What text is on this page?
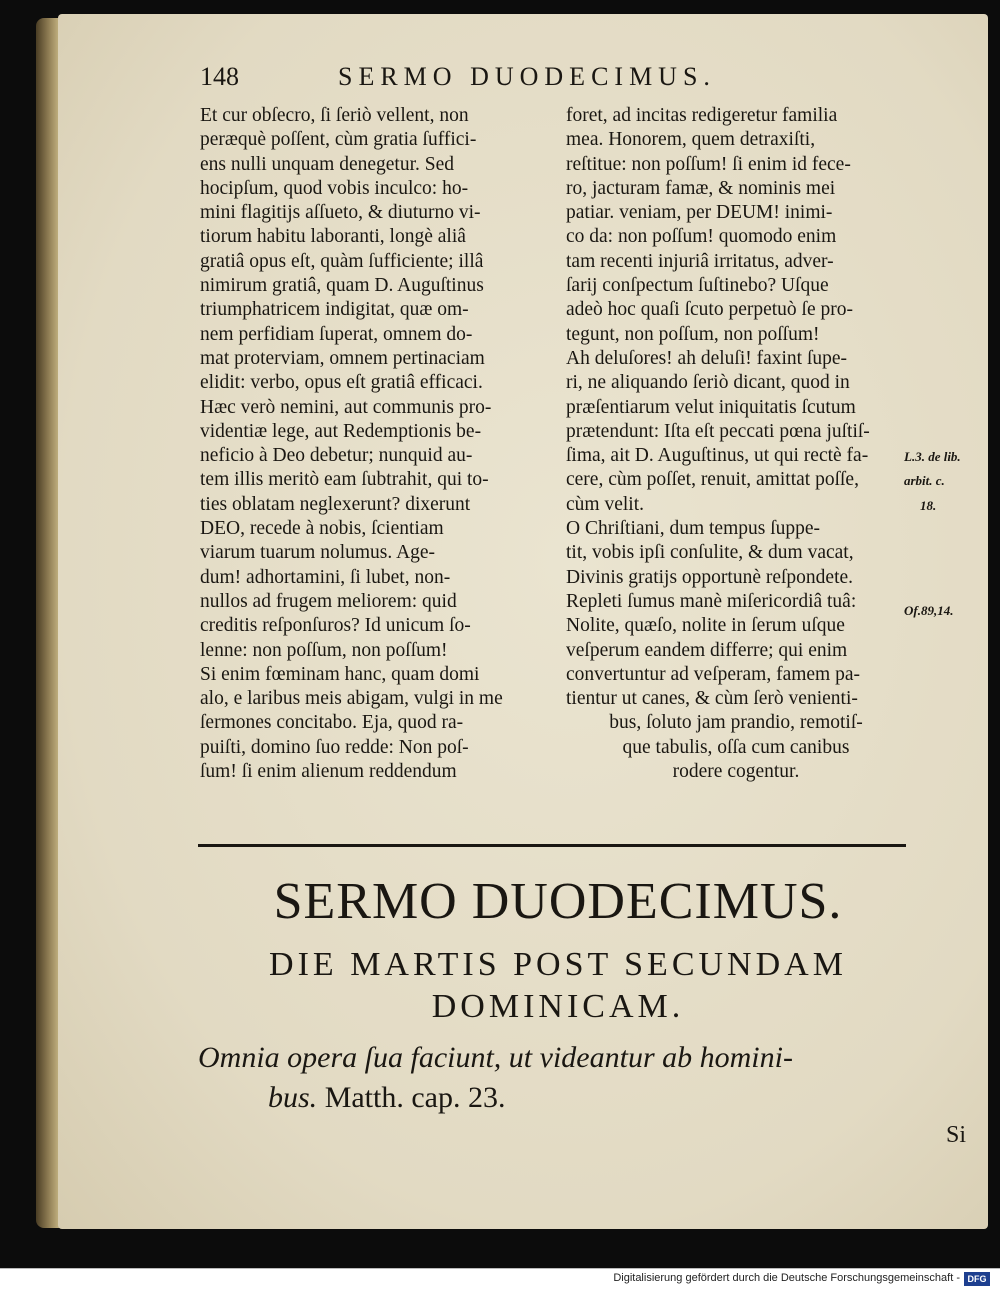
148	SERMO DUODECIMUS.
Et cur obſecro, ſi ſeriò vellent, non
peræquè poſſent, cùm gratia ſuffici-
ens nulli unquam denegetur. Sed
hocipſum, quod vobis inculco: ho-
mini flagitijs aſſueto, & diuturno vi-
tiorum habitu laboranti, longè aliâ
gratiâ opus eſt, quàm ſufficiente; illâ
nimirum gratiâ, quam D. Auguſtinus
triumphatricem indigitat, quæ om-
nem perfidiam ſuperat, omnem do-
mat proterviam, omnem pertinaciam
elidit: verbo, opus eſt gratiâ efficaci.
Hæc verò nemini, aut communis pro-
videntiæ lege, aut Redemptionis be-
neficio à Deo debetur; nunquid au-
tem illis meritò eam ſubtrahit, qui to-
ties oblatam neglexerunt? dixerunt
DEO, recede à nobis, ſcientiam
viarum tuarum nolumus. Age-
dum! adhortamini, ſi lubet, non-
nullos ad frugem meliorem: quid
creditis reſponſuros? Id unicum ſo-
lenne: non poſſum, non poſſum!
Si enim fœminam hanc, quam domi
alo, e laribus meis abigam, vulgi in me
ſermones concitabo. Eja, quod ra-
puiſti, domino ſuo redde: Non poſ-
ſum! ſi enim alienum reddendum
foret, ad incitas redigeretur familia
mea. Honorem, quem detraxiſti,
reſtitue: non poſſum! ſi enim id fece-
ro, jacturam famæ, & nominis mei
patiar. veniam, per DEUM! inimi-
co da: non poſſum! quomodo enim
tam recenti injuriâ irritatus, adver-
ſarij conſpectum ſuſtinebo? Uſque
adeò hoc quaſi ſcuto perpetuò ſe pro-
tegunt, non poſſum, non poſſum!
Ah deluſores! ah deluſi! faxint ſupe-
ri, ne aliquando ſeriò dicant, quod in
præſentiarum velut iniquitatis ſcutum
prætendunt: Iſta eſt peccati pœna juſtiſ-
ſima, ait D. Auguſtinus, ut qui rectè fa-
cere, cùm poſſet, renuit, amittat poſſe,
cùm velit.
O Chriſtiani, dum tempus ſuppe-
tit, vobis ipſi conſulite, & dum vacat,
Divinis gratijs opportunè reſpondete.
Repleti ſumus manè miſericordiâ tuâ:
Nolite, quæſo, nolite in ſerum uſque
veſperum eandem differre; qui enim
convertuntur ad veſperam, famem pa-
tientur ut canes, & cùm ſerò venienti-
bus, ſoluto jam prandio, remotiſ-
que tabulis, oſſa cum canibus
rodere cogentur.
L.3. de lib.
arbit. c.
18.
Of.89,14.
SERMO DUODECIMUS.
DIE MARTIS POST SECUNDAM
DOMINICAM.
Omnia opera ſua faciunt, ut videantur ab homini-
bus. Matth. cap. 23.
Si
Digitalisierung gefördert durch die Deutsche Forschungsgemeinschaft - DFG
